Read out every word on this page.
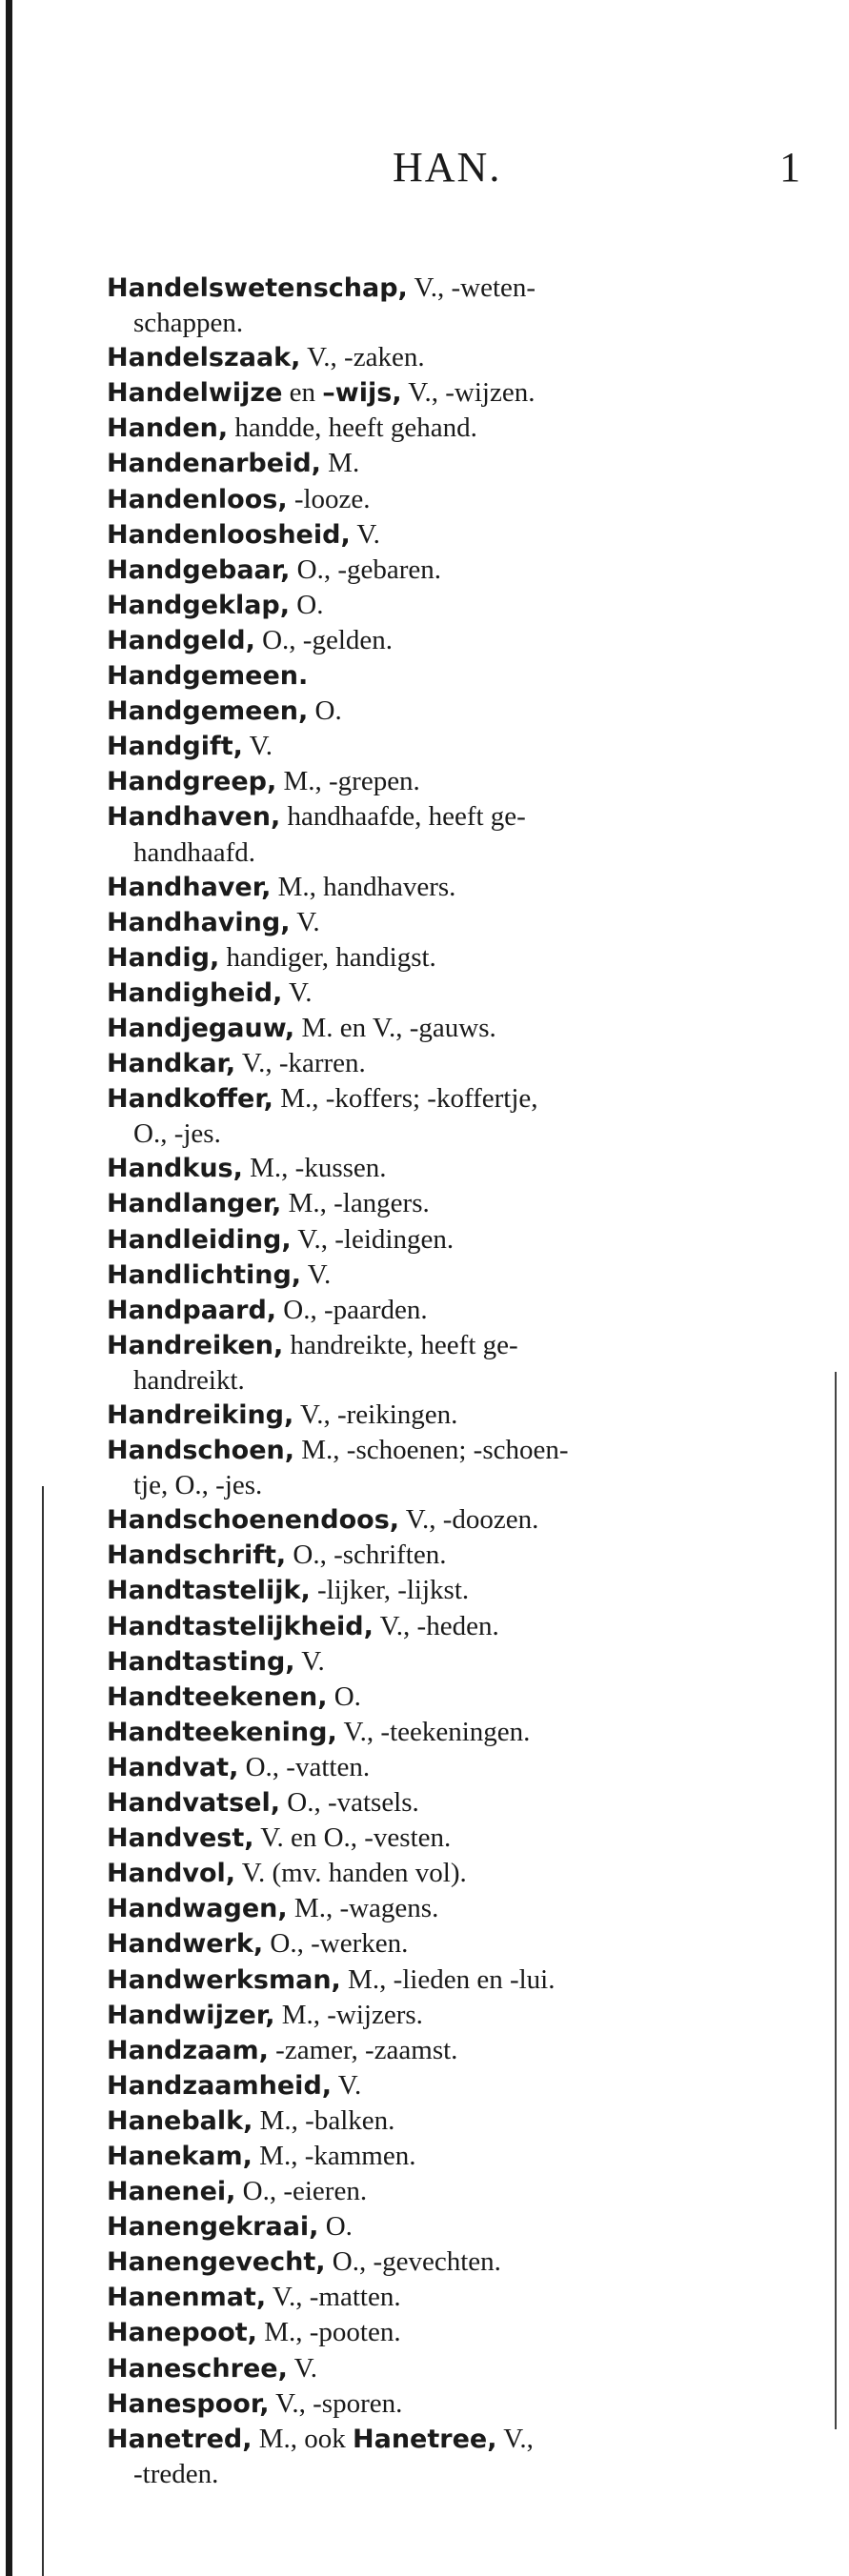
HAN.	1
Handelswetenschap, V., -weten-
schappen.
Handelszaak, V., -zaken.
Handelwijze en –wijs, V., -wijzen.
Handen, handde, heeft gehand.
Handenarbeid, M.
Handenloos, -looze.
Handenloosheid, V.
Handgebaar, O., -gebaren.
Handgeklap, O.
Handgeld, O., -gelden.
Handgemeen.
Handgemeen, O.
Handgift, V.
Handgreep, M., -grepen.
Handhaven, handhaafde, heeft ge-
handhaafd.
Handhaver, M., handhavers.
Handhaving, V.
Handig, handiger, handigst.
Handigheid, V.
Handjegauw, M. en V., -gauws.
Handkar, V., -karren.
Handkoffer, M., -koffers; -koffertje,
O., -jes.
Handkus, M., -kussen.
Handlanger, M., -langers.
Handleiding, V., -leidingen.
Handlichting, V.
Handpaard, O., -paarden.
Handreiken, handreikte, heeft ge-
handreikt.
Handreiking, V., -reikingen.
Handschoen, M., -schoenen; -schoen-
tje, O., -jes.
Handschoenendoos, V., -doozen.
Handschrift, O., -schriften.
Handtastelijk, -lijker, -lijkst.
Handtastelijkheid, V., -heden.
Handtasting, V.
Handteekenen, O.
Handteekening, V., -teekeningen.
Handvat, O., -vatten.
Handvatsel, O., -vatsels.
Handvest, V. en O., -vesten.
Handvol, V. (mv. handen vol).
Handwagen, M., -wagens.
Handwerk, O., -werken.
Handwerksman, M., -lieden en -lui.
Handwijzer, M., -wijzers.
Handzaam, -zamer, -zaamst.
Handzaamheid, V.
Hanebalk, M., -balken.
Hanekam, M., -kammen.
Hanenei, O., -eieren.
Hanengekraai, O.
Hanengevecht, O., -gevechten.
Hanenmat, V., -matten.
Hanepoot, M., -pooten.
Haneschree, V.
Hanespoor, V., -sporen.
Hanetred, M., ook Hanetree, V.,
-treden.
